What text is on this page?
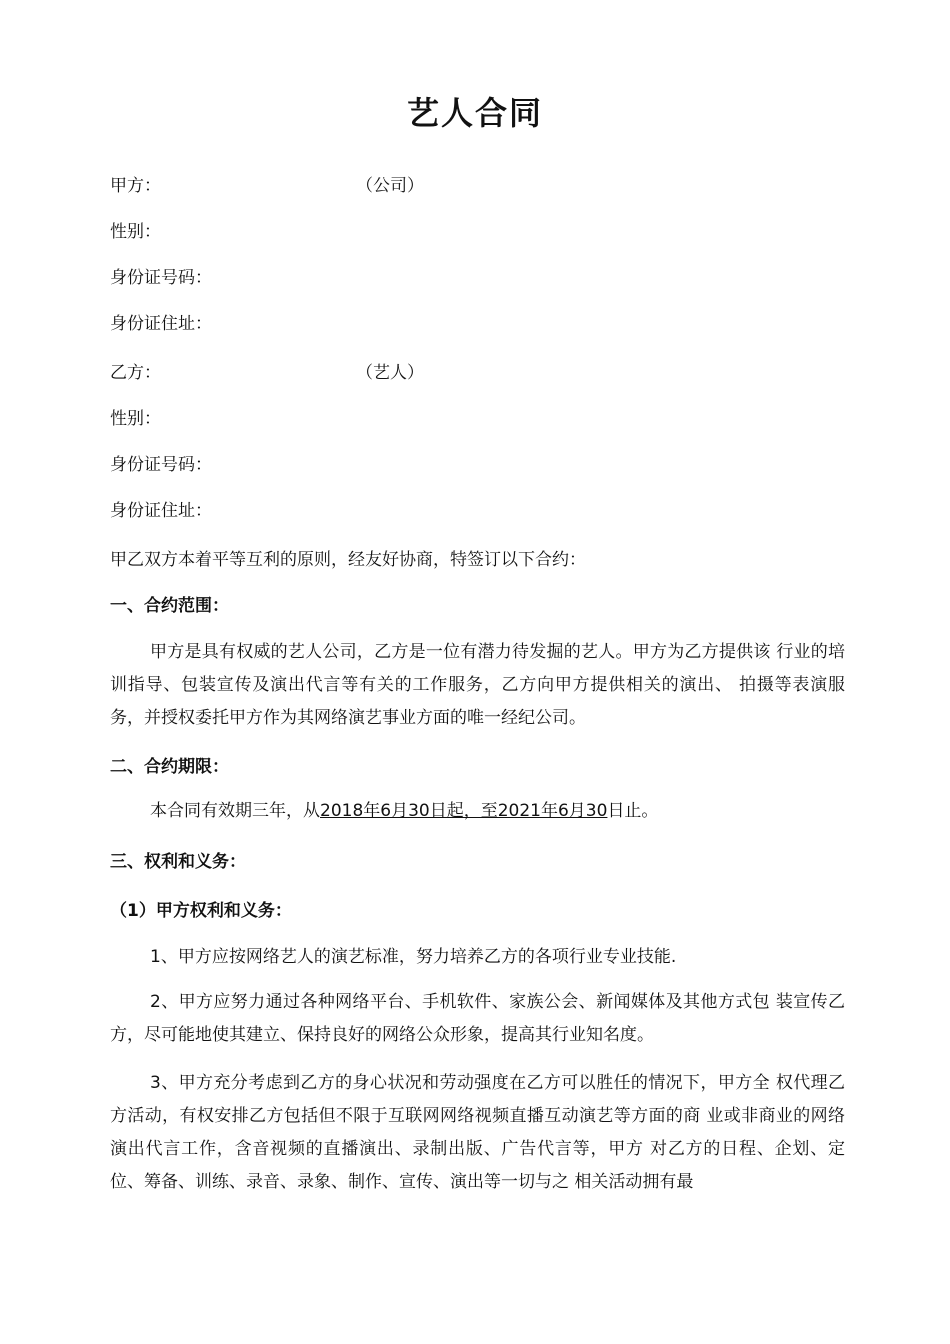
艺人合同
甲方：	（公司）
性别：
身份证号码：
身份证住址：
乙方：	（艺人）
性别：
身份证号码：
身份证住址：
甲乙双方本着平等互利的原则，经友好协商，特签订以下合约：
一、合约范围：
甲方是具有权威的艺人公司，乙方是一位有潜力待发掘的艺人。甲方为乙方提供该 行业的培训指导、包装宣传及演出代言等有关的工作服务，乙方向甲方提供相关的演出、 拍摄等表演服务，并授权委托甲方作为其网络演艺事业方面的唯一经纪公司。
二、合约期限：
本合同有效期三年，从2018年6月30日起，至2021年6月30日止。
三、权利和义务：
（1）甲方权利和义务：
1、甲方应按网络艺人的演艺标准，努力培养乙方的各项行业专业技能.
2、甲方应努力通过各种网络平台、手机软件、家族公会、新闻媒体及其他方式包 装宣传乙方，尽可能地使其建立、保持良好的网络公众形象，提高其行业知名度。
3、甲方充分考虑到乙方的身心状况和劳动强度在乙方可以胜任的情况下，甲方全 权代理乙方活动，有权安排乙方包括但不限于互联网网络视频直播互动演艺等方面的商 业或非商业的网络演出代言工作，含音视频的直播演出、录制出版、广告代言等，甲方 对乙方的日程、企划、定位、筹备、训练、录音、录象、制作、宣传、演出等一切与之 相关活动拥有最
